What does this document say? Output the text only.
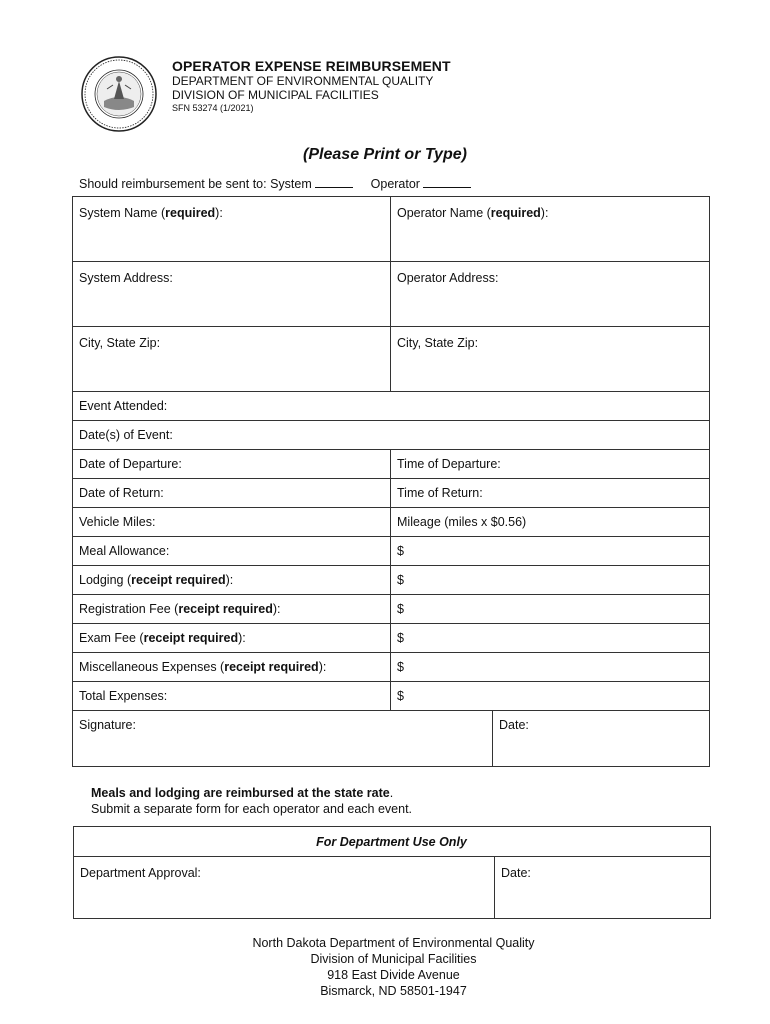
OPERATOR EXPENSE REIMBURSEMENT
DEPARTMENT OF ENVIRONMENTAL QUALITY
DIVISION OF MUNICIPAL FACILITIES
SFN 53274 (1/2021)
(Please Print or Type)
Should reimbursement be sent to: System	Operator
System Name (required):	Operator Name (required):	
System Address:	Operator Address:	
City, State Zip:	City, State Zip:	
Event Attended:		
Date(s) of Event:		
Date of Departure:	Time of Departure:	
Date of Return:	Time of Return:	
Vehicle Miles:	Mileage (miles x $0.56)	
Meal Allowance:	$	
Lodging (receipt required):	$	
Registration Fee (receipt required):	$	
Exam Fee (receipt required):	$	
Miscellaneous Expenses (receipt required):	$	
Total Expenses:	$	
Signature:		Date:
Meals and lodging are reimbursed at the state rate.
Submit a separate form for each operator and each event.
For Department Use Only
Department Approval:	Date:
North Dakota Department of Environmental Quality
Division of Municipal Facilities
918 East Divide Avenue
Bismarck, ND 58501-1947
